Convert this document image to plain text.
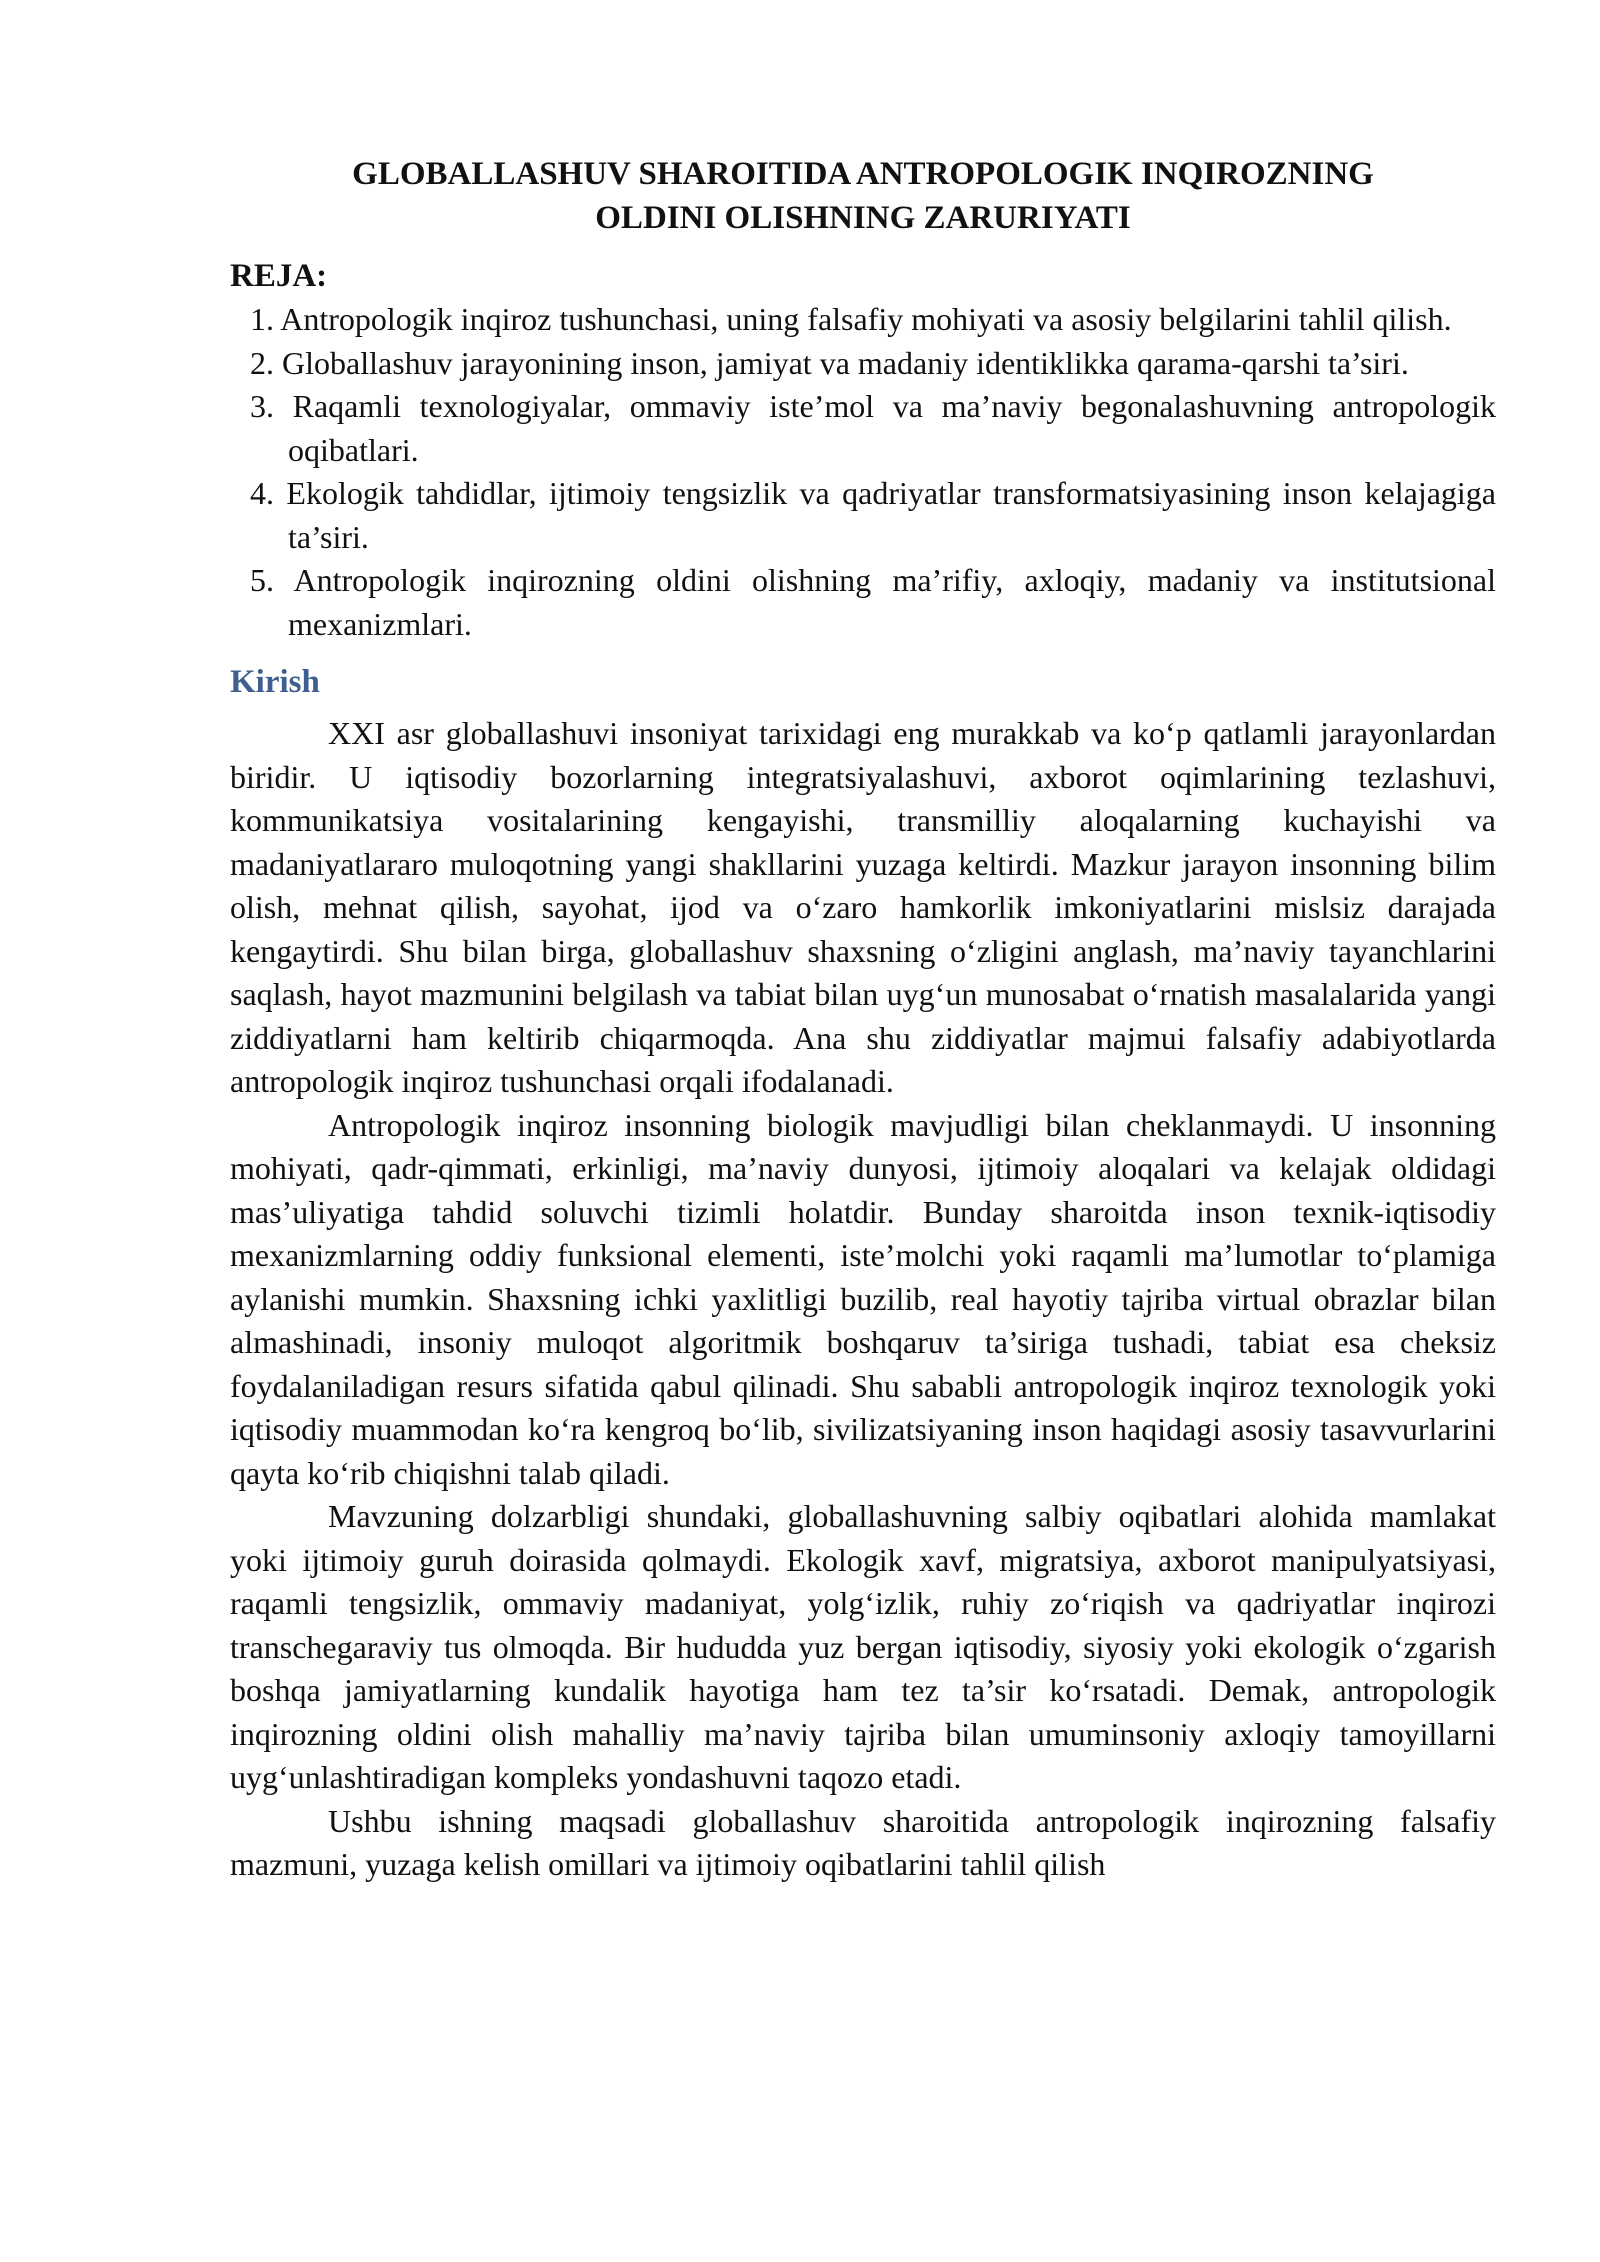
GLOBALLASHUV SHAROITIDA ANTROPOLOGIK INQIROZNING
OLDINI OLISHNING ZARURIYATI
REJA:
1. Antropologik inqiroz tushunchasi, uning falsafiy mohiyati va asosiy belgilarini tahlil qilish.
2. Globallashuv jarayonining inson, jamiyat va madaniy identiklikka qarama-qarshi ta’siri.
3. Raqamli texnologiyalar, ommaviy iste’mol va ma’naviy begonalashuvning antropologik oqibatlari.
4. Ekologik tahdidlar, ijtimoiy tengsizlik va qadriyatlar transformatsiyasining inson kelajagiga ta’siri.
5. Antropologik inqirozning oldini olishning ma’rifiy, axloqiy, madaniy va institutsional mexanizmlari.
Kirish

XXI asr globallashuvi insoniyat tarixidagi eng murakkab va ko‘p qatlamli jarayonlardan biridir. U iqtisodiy bozorlarning integratsiyalashuvi, axborot oqimlarining tezlashuvi, kommunikatsiya vositalarining kengayishi, transmilliy aloqalarning kuchayishi va madaniyatlararo muloqotning yangi shakllarini yuzaga keltirdi. Mazkur jarayon insonning bilim olish, mehnat qilish, sayohat, ijod va o‘zaro hamkorlik imkoniyatlarini mislsiz darajada kengaytirdi. Shu bilan birga, globallashuv shaxsning o‘zligini anglash, ma’naviy tayanchlarini saqlash, hayot mazmunini belgilash va tabiat bilan uyg‘un munosabat o‘rnatish masalalarida yangi ziddiyatlarni ham keltirib chiqarmoqda. Ana shu ziddiyatlar majmui falsafiy adabiyotlarda antropologik inqiroz tushunchasi orqali ifodalanadi.

Antropologik inqiroz insonning biologik mavjudligi bilan cheklanmaydi. U insonning mohiyati, qadr-qimmati, erkinligi, ma’naviy dunyosi, ijtimoiy aloqalari va kelajak oldidagi mas’uliyatiga tahdid soluvchi tizimli holatdir. Bunday sharoitda inson texnik-iqtisodiy mexanizmlarning oddiy funksional elementi, iste’molchi yoki raqamli ma’lumotlar to‘plamiga aylanishi mumkin. Shaxsning ichki yaxlitligi buzilib, real hayotiy tajriba virtual obrazlar bilan almashinadi, insoniy muloqot algoritmik boshqaruv ta’siriga tushadi, tabiat esa cheksiz foydalaniladigan resurs sifatida qabul qilinadi. Shu sababli antropologik inqiroz texnologik yoki iqtisodiy muammodan ko‘ra kengroq bo‘lib, sivilizatsiyaning inson haqidagi asosiy tasavvurlarini qayta ko‘rib chiqishni talab qiladi.

Mavzuning dolzarbligi shundaki, globallashuvning salbiy oqibatlari alohida mamlakat yoki ijtimoiy guruh doirasida qolmaydi. Ekologik xavf, migratsiya, axborot manipulyatsiyasi, raqamli tengsizlik, ommaviy madaniyat, yolg‘izlik, ruhiy zo‘riqish va qadriyatlar inqirozi transchegaraviy tus olmoqda. Bir hududda yuz bergan iqtisodiy, siyosiy yoki ekologik o‘zgarish boshqa jamiyatlarning kundalik hayotiga ham tez ta’sir ko‘rsatadi. Demak, antropologik inqirozning oldini olish mahalliy ma’naviy tajriba bilan umuminsoniy axloqiy tamoyillarni uyg‘unlashtiradigan kompleks yondashuvni taqozo etadi.

Ushbu ishning maqsadi globallashuv sharoitida antropologik inqirozning falsafiy mazmuni, yuzaga kelish omillari va ijtimoiy oqibatlarini tahlil qilish
